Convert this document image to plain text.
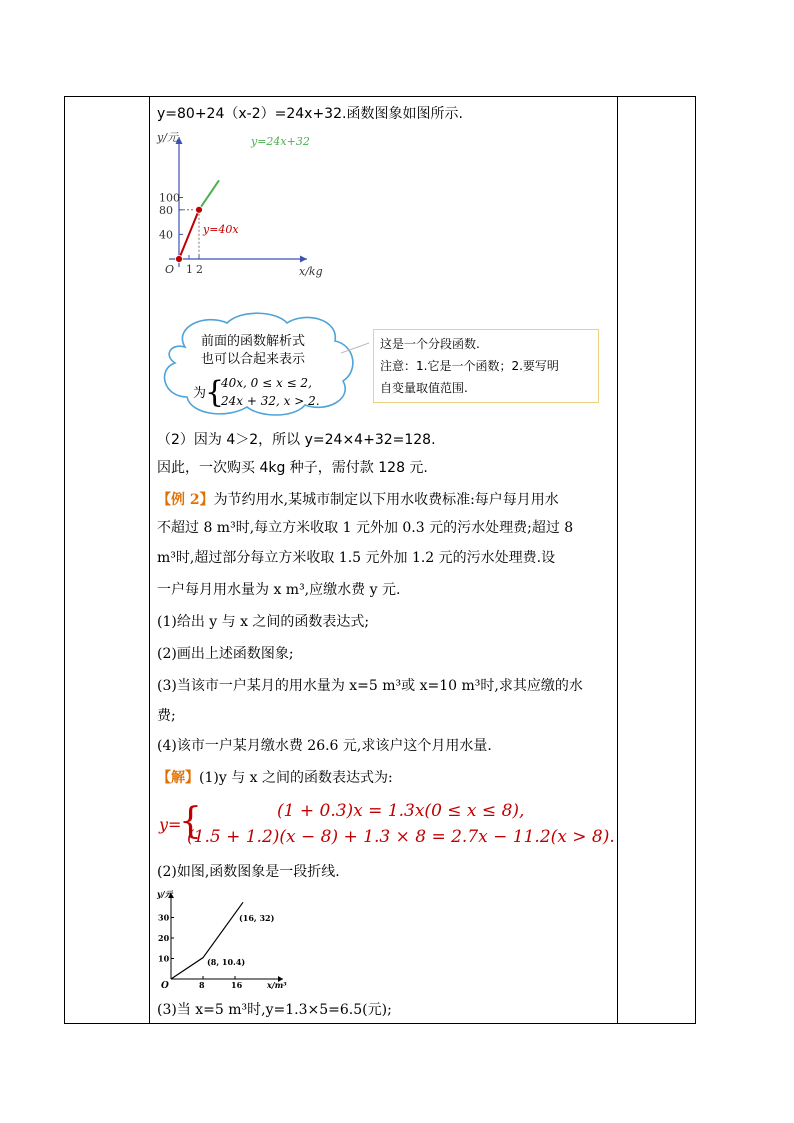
y=80+24（x-2）=24x+32.函数图象如图所示.
40
80
100
1 2
y/元
x/kg
O
y=40x
y=24x+32
前面的函数解析式
也可以合起来表示
为
{
40x, 0 ≤ x ≤ 2,
24x + 32, x > 2.
这是一个分段函数.
注意：1.它是一个函数；2.要写明
自变量取值范围.
（2）因为 4＞2，所以 y=24×4+32=128.
因此，一次购买 4kg 种子，需付款 128 元.
【例 2】为节约用水,某城市制定以下用水收费标准:每户每月用水
不超过 8 m³时,每立方米收取 1 元外加 0.3 元的污水处理费;超过 8
m³时,超过部分每立方米收取 1.5 元外加 1.2 元的污水处理费.设
一户每月用水量为 x m³,应缴水费 y 元.
(1)给出 y 与 x 之间的函数表达式;
(2)画出上述函数图象;
(3)当该市一户某月的用水量为 x=5 m³或 x=10 m³时,求其应缴的水
费;
(4)该市一户某月缴水费 26.6 元,求该户这个月用水量.
【解】(1)y 与 x 之间的函数表达式为:
y=
{	(1 + 0.3)x = 1.3x(0 ≤ x ≤ 8),
(1.5 + 1.2)(x − 8) + 1.3 × 8 = 2.7x − 11.2(x > 8).
(2)如图,函数图象是一段折线.
10
20
30
8	16
y/元
x/m³
O
(8, 10.4)
(16, 32)
(3)当 x=5 m³时,y=1.3×5=6.5(元);
